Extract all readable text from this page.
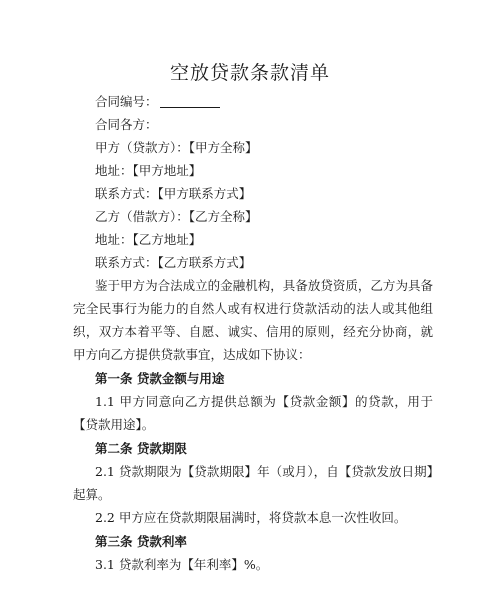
空放贷款条款清单
合同编号：
合同各方：
甲方（贷款方）：【甲方全称】
地址：【甲方地址】
联系方式：【甲方联系方式】
乙方（借款方）：【乙方全称】
地址：【乙方地址】
联系方式：【乙方联系方式】

鉴于甲方为合法成立的金融机构，具备放贷资质，乙方为具备完全民事行为能力的自然人或有权进行贷款活动的法人或其他组织，双方本着平等、自愿、诚实、信用的原则，经充分协商，就甲方向乙方提供贷款事宜，达成如下协议：

第一条 贷款金额与用途

1.1 甲方同意向乙方提供总额为【贷款金额】的贷款，用于【贷款用途】。

第二条 贷款期限

2.1 贷款期限为【贷款期限】年（或月），自【贷款发放日期】起算。

2.2 甲方应在贷款期限届满时，将贷款本息一次性收回。

第三条 贷款利率

3.1 贷款利率为【年利率】%。
